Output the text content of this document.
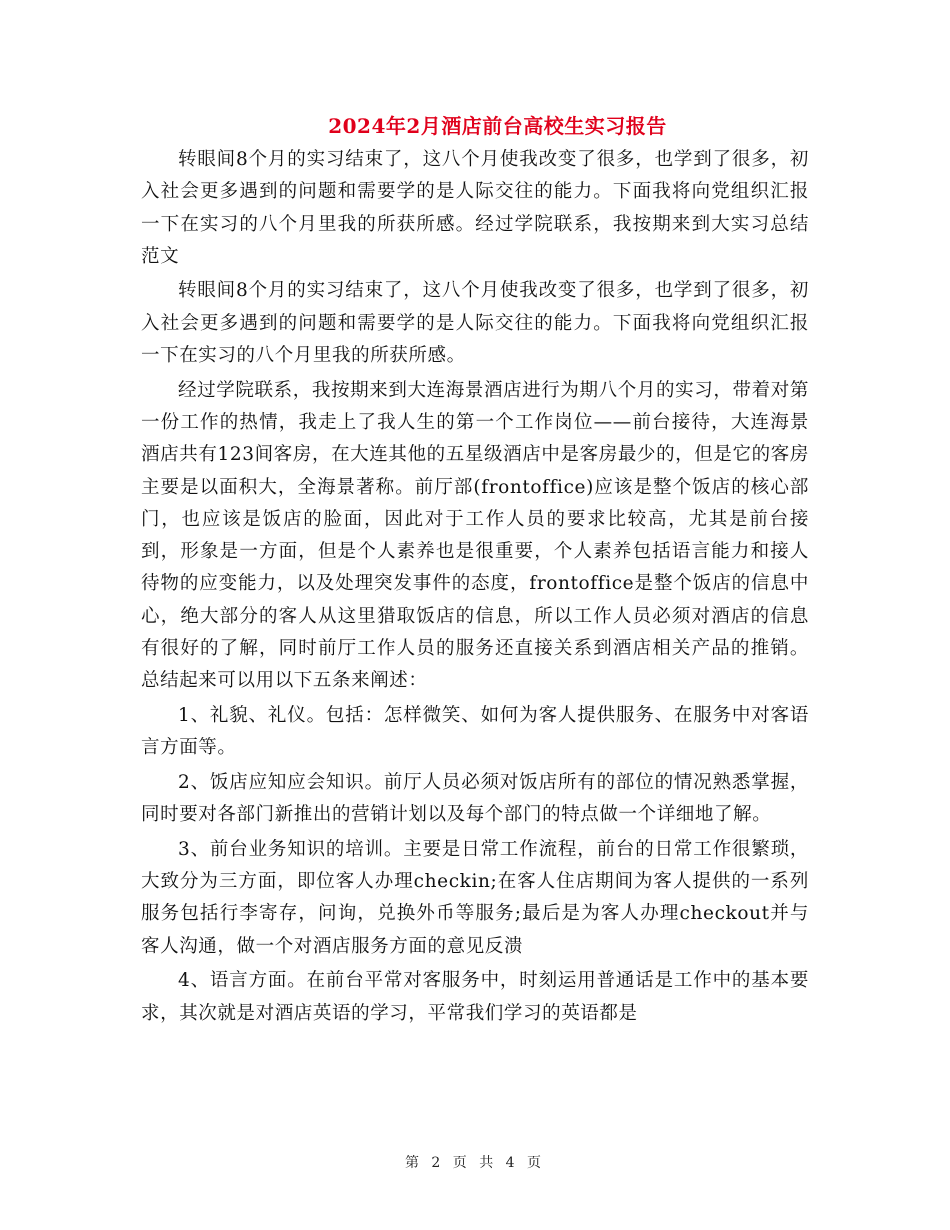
2024年2月酒店前台高校生实习报告

转眼间8个月的实习结束了，这八个月使我改变了很多，也学到了很多，初入社会更多遇到的问题和需要学的是人际交往的能力。下面我将向党组织汇报一下在实习的八个月里我的所获所感。经过学院联系，我按期来到大实习总结范文

转眼间8个月的实习结束了，这八个月使我改变了很多，也学到了很多，初入社会更多遇到的问题和需要学的是人际交往的能力。下面我将向党组织汇报一下在实习的八个月里我的所获所感。

经过学院联系，我按期来到大连海景酒店进行为期八个月的实习，带着对第一份工作的热情，我走上了我人生的第一个工作岗位——前台接待，大连海景酒店共有123间客房，在大连其他的五星级酒店中是客房最少的，但是它的客房主要是以面积大，全海景著称。前厅部(frontoffice)应该是整个饭店的核心部门，也应该是饭店的脸面，因此对于工作人员的要求比较高，尤其是前台接到，形象是一方面，但是个人素养也是很重要，个人素养包括语言能力和接人待物的应变能力，以及处理突发事件的态度，frontoffice是整个饭店的信息中心，绝大部分的客人从这里猎取饭店的信息，所以工作人员必须对酒店的信息有很好的了解，同时前厅工作人员的服务还直接关系到酒店相关产品的推销。总结起来可以用以下五条来阐述：

1、礼貌、礼仪。包括：怎样微笑、如何为客人提供服务、在服务中对客语言方面等。

2、饭店应知应会知识。前厅人员必须对饭店所有的部位的情况熟悉掌握，同时要对各部门新推出的营销计划以及每个部门的特点做一个详细地了解。

3、前台业务知识的培训。主要是日常工作流程，前台的日常工作很繁琐，大致分为三方面，即位客人办理checkin;在客人住店期间为客人提供的一系列服务包括行李寄存，问询，兑换外币等服务;最后是为客人办理checkout并与客人沟通，做一个对酒店服务方面的意见反溃

4、语言方面。在前台平常对客服务中，时刻运用普通话是工作中的基本要求，其次就是对酒店英语的学习，平常我们学习的英语都是

第 2 页 共 4 页
